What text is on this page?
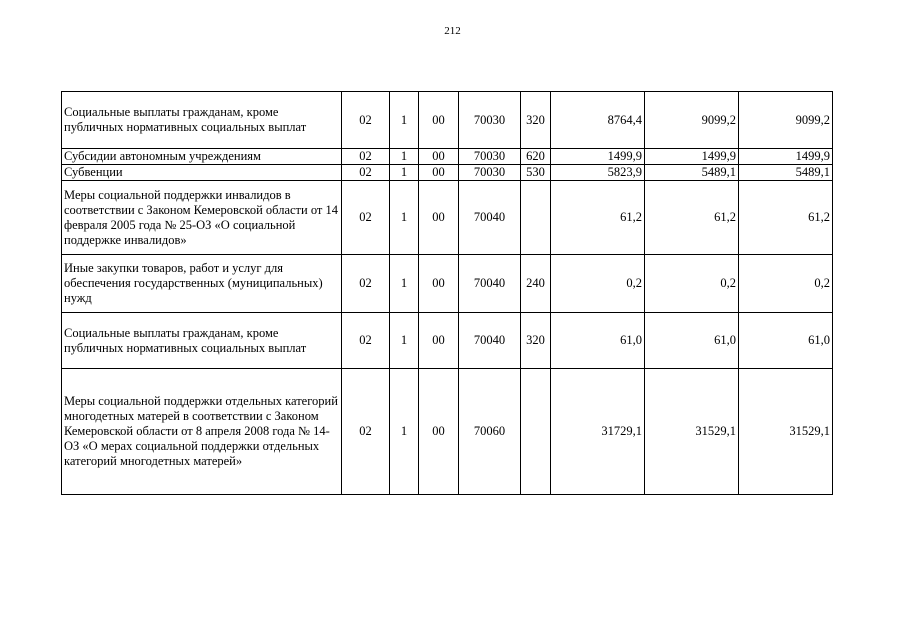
212
Социальные выплаты гражданам, кроме публичных нормативных социальных выплат	02	1	00	70030	320	8764,4	9099,2	9099,2
Субсидии автономным учреждениям	02	1	00	70030	620	1499,9	1499,9	1499,9
Субвенции	02	1	00	70030	530	5823,9	5489,1	5489,1
Меры социальной поддержки инвалидов в соответствии с Законом Кемеровской области от 14 февраля 2005 года № 25-ОЗ «О социальной поддержке инвалидов»	02	1	00	70040		61,2	61,2	61,2
Иные закупки товаров, работ и услуг для обеспечения государственных (муниципальных) нужд	02	1	00	70040	240	0,2	0,2	0,2
Социальные выплаты гражданам, кроме публичных нормативных социальных выплат	02	1	00	70040	320	61,0	61,0	61,0
Меры социальной поддержки отдельных категорий многодетных матерей в соответствии с Законом Кемеровской области от 8 апреля 2008 года № 14-ОЗ «О мерах социальной поддержки отдельных категорий многодетных матерей»	02	1	00	70060		31729,1	31529,1	31529,1
